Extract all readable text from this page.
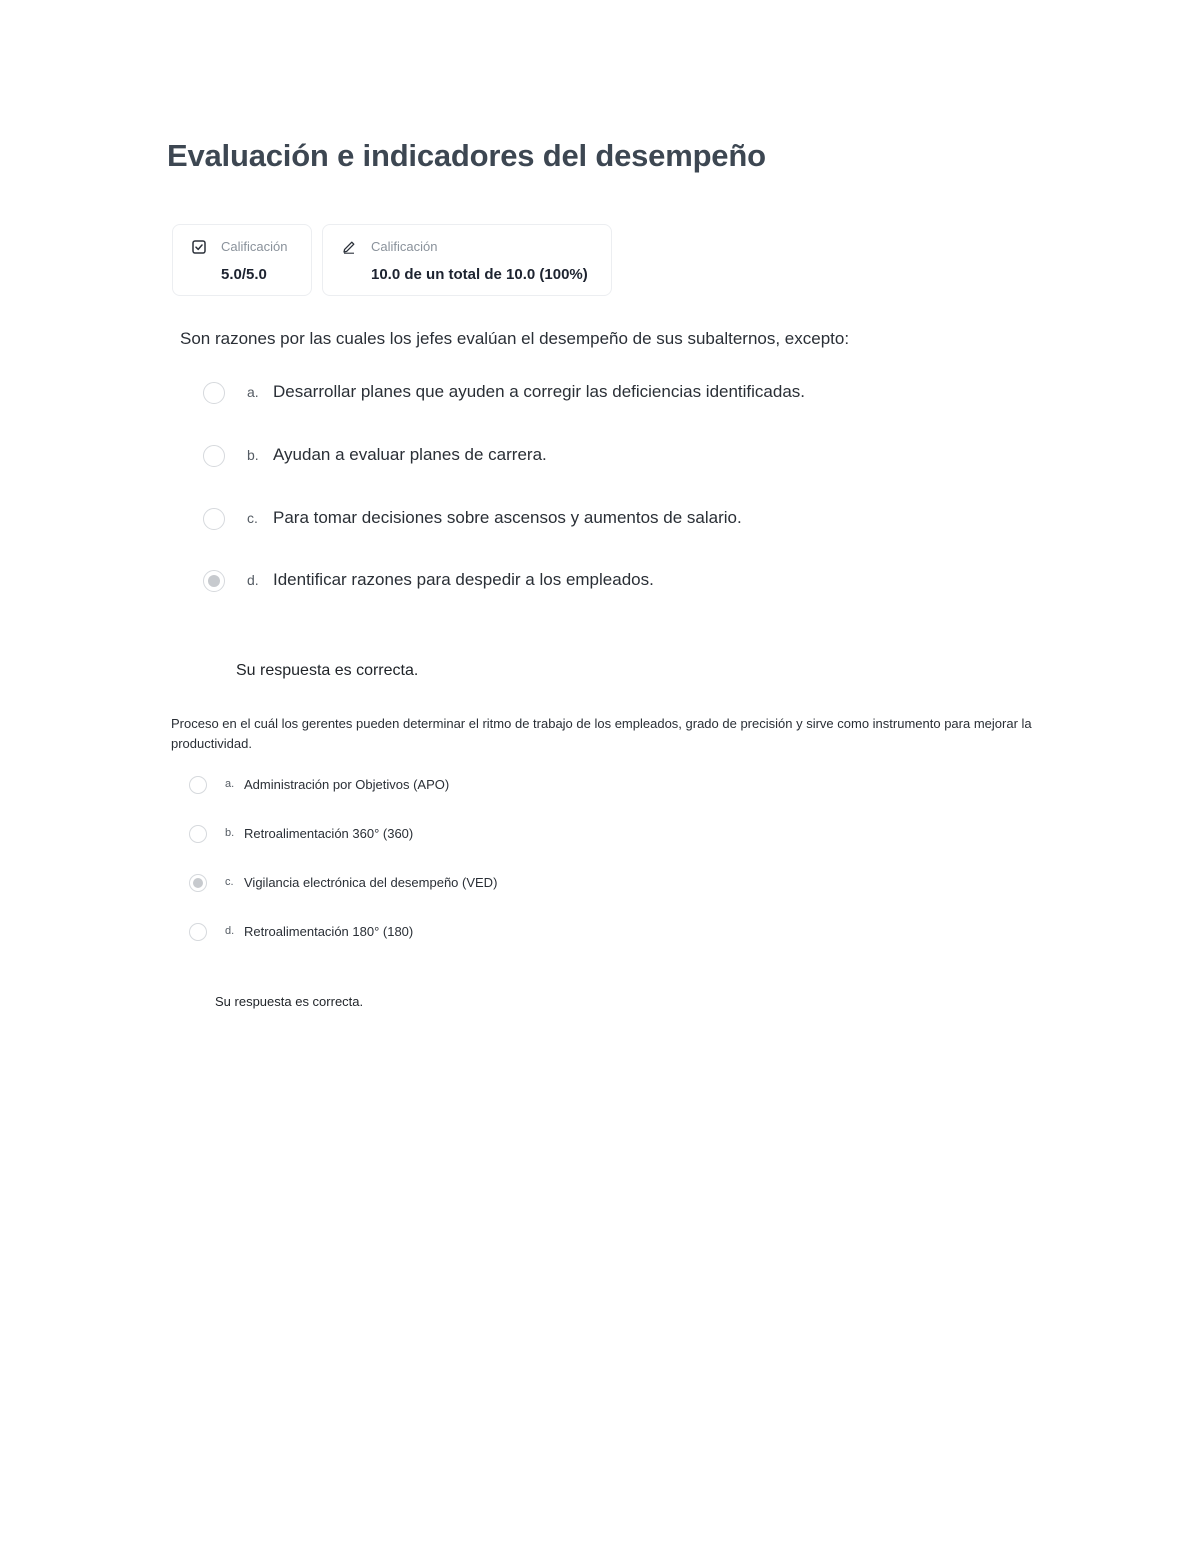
Evaluación e indicadores del desempeño
Calificación
5.0/5.0
Calificación
10.0 de un total de 10.0 (100%)

Son razones por las cuales los jefes evalúan el desempeño de sus subalternos, excepto:

a. Desarrollar planes que ayuden a corregir las deficiencias identificadas.
b. Ayudan a evaluar planes de carrera.
c. Para tomar decisiones sobre ascensos y aumentos de salario.
d. Identificar razones para despedir a los empleados.

Su respuesta es correcta.

Proceso en el cuál los gerentes pueden determinar el ritmo de trabajo de los empleados, grado de precisión y sirve como instrumento para mejorar la productividad.

a. Administración por Objetivos (APO)
b. Retroalimentación 360° (360)
c. Vigilancia electrónica del desempeño (VED)
d. Retroalimentación 180° (180)

Su respuesta es correcta.
